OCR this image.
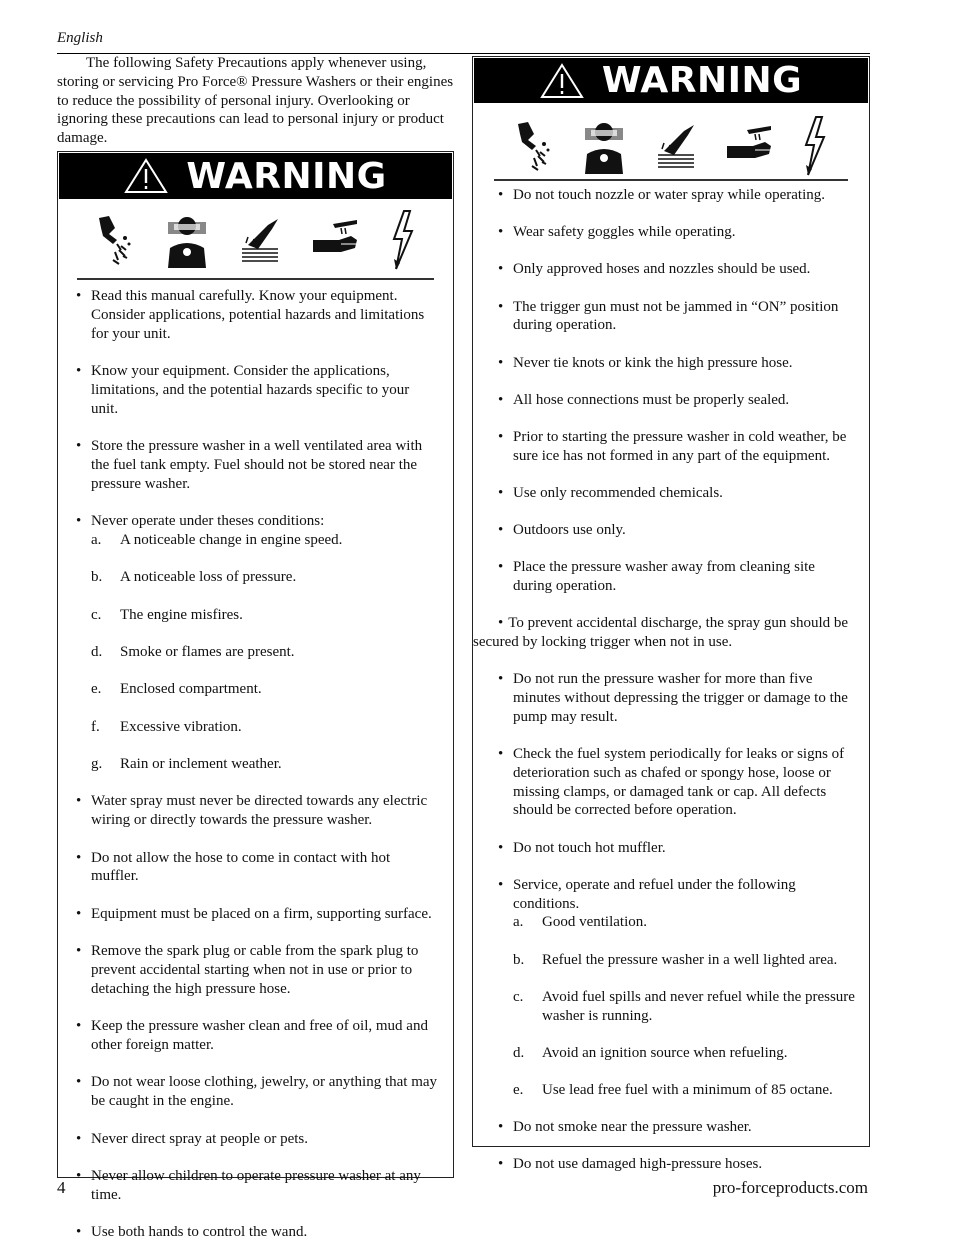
English
The following Safety Precautions apply whenever using, storing or servicing Pro Force® Pressure Washers or their engines to reduce the possibility of personal injury. Overlooking or ignoring these precautions can lead to personal injury or product damage.
WARNING
• Read this manual carefully. Know your equipment. Consider applications, potential hazards and limitations for your unit.
• Know your equipment. Consider the applications, limitations, and the potential hazards specific to your unit.
• Store the pressure washer in a well ventilated area with the fuel tank empty. Fuel should not be stored near the pressure washer.
• Never operate under theses conditions:
a. A noticeable change in engine speed.
b. A noticeable loss of pressure.
c. The engine misfires.
d. Smoke or flames are present.
e. Enclosed compartment.
f. Excessive vibration.
g. Rain or inclement weather.
• Water spray must never be directed towards any electric wiring or directly towards the pressure washer.
• Do not allow the hose to come in contact with hot muffler.
• Equipment must be placed on a firm, supporting surface.
• Remove the spark plug or cable from the spark plug to prevent accidental starting when not in use or prior to detaching the high pressure hose.
• Keep the pressure washer clean and free of oil, mud and other foreign matter.
• Do not wear loose clothing, jewelry, or anything that may be caught in the engine.
• Never direct spray at people or pets.
• Never allow children to operate pressure washer at any time.
• Use both hands to control the wand.
WARNING
• Do not touch nozzle or water spray while operating.
• Wear safety goggles while operating.
• Only approved hoses and nozzles should be used.
• The trigger gun must not be jammed in “ON” position during operation.
• Never tie knots or kink the high pressure hose.
• All hose connections must be properly sealed.
• Prior to starting the pressure washer in cold weather, be sure ice has not formed in any part of the equipment.
• Use only recommended chemicals.
• Outdoors use only.
• Place the pressure washer away from cleaning site during operation.
• To prevent accidental discharge, the spray gun should be secured by locking trigger when not in use.
• Do not run the pressure washer for more than five minutes without depressing the trigger or damage to the pump may result.
• Check the fuel system periodically for leaks or signs of deterioration such as chafed or spongy hose, loose or missing clamps, or damaged tank or cap. All defects should be corrected before operation.
• Do not touch hot muffler.
• Service, operate and refuel under the following conditions.
a. Good ventilation.
b. Refuel the pressure washer in a well lighted area.
c. Avoid fuel spills and never refuel while the pressure washer is running.
d. Avoid an ignition source when refueling.
e. Use lead free fuel with a minimum of 85 octane.
• Do not smoke near the pressure washer.
• Do not use damaged high-pressure hoses.
4	pro-forceproducts.com
